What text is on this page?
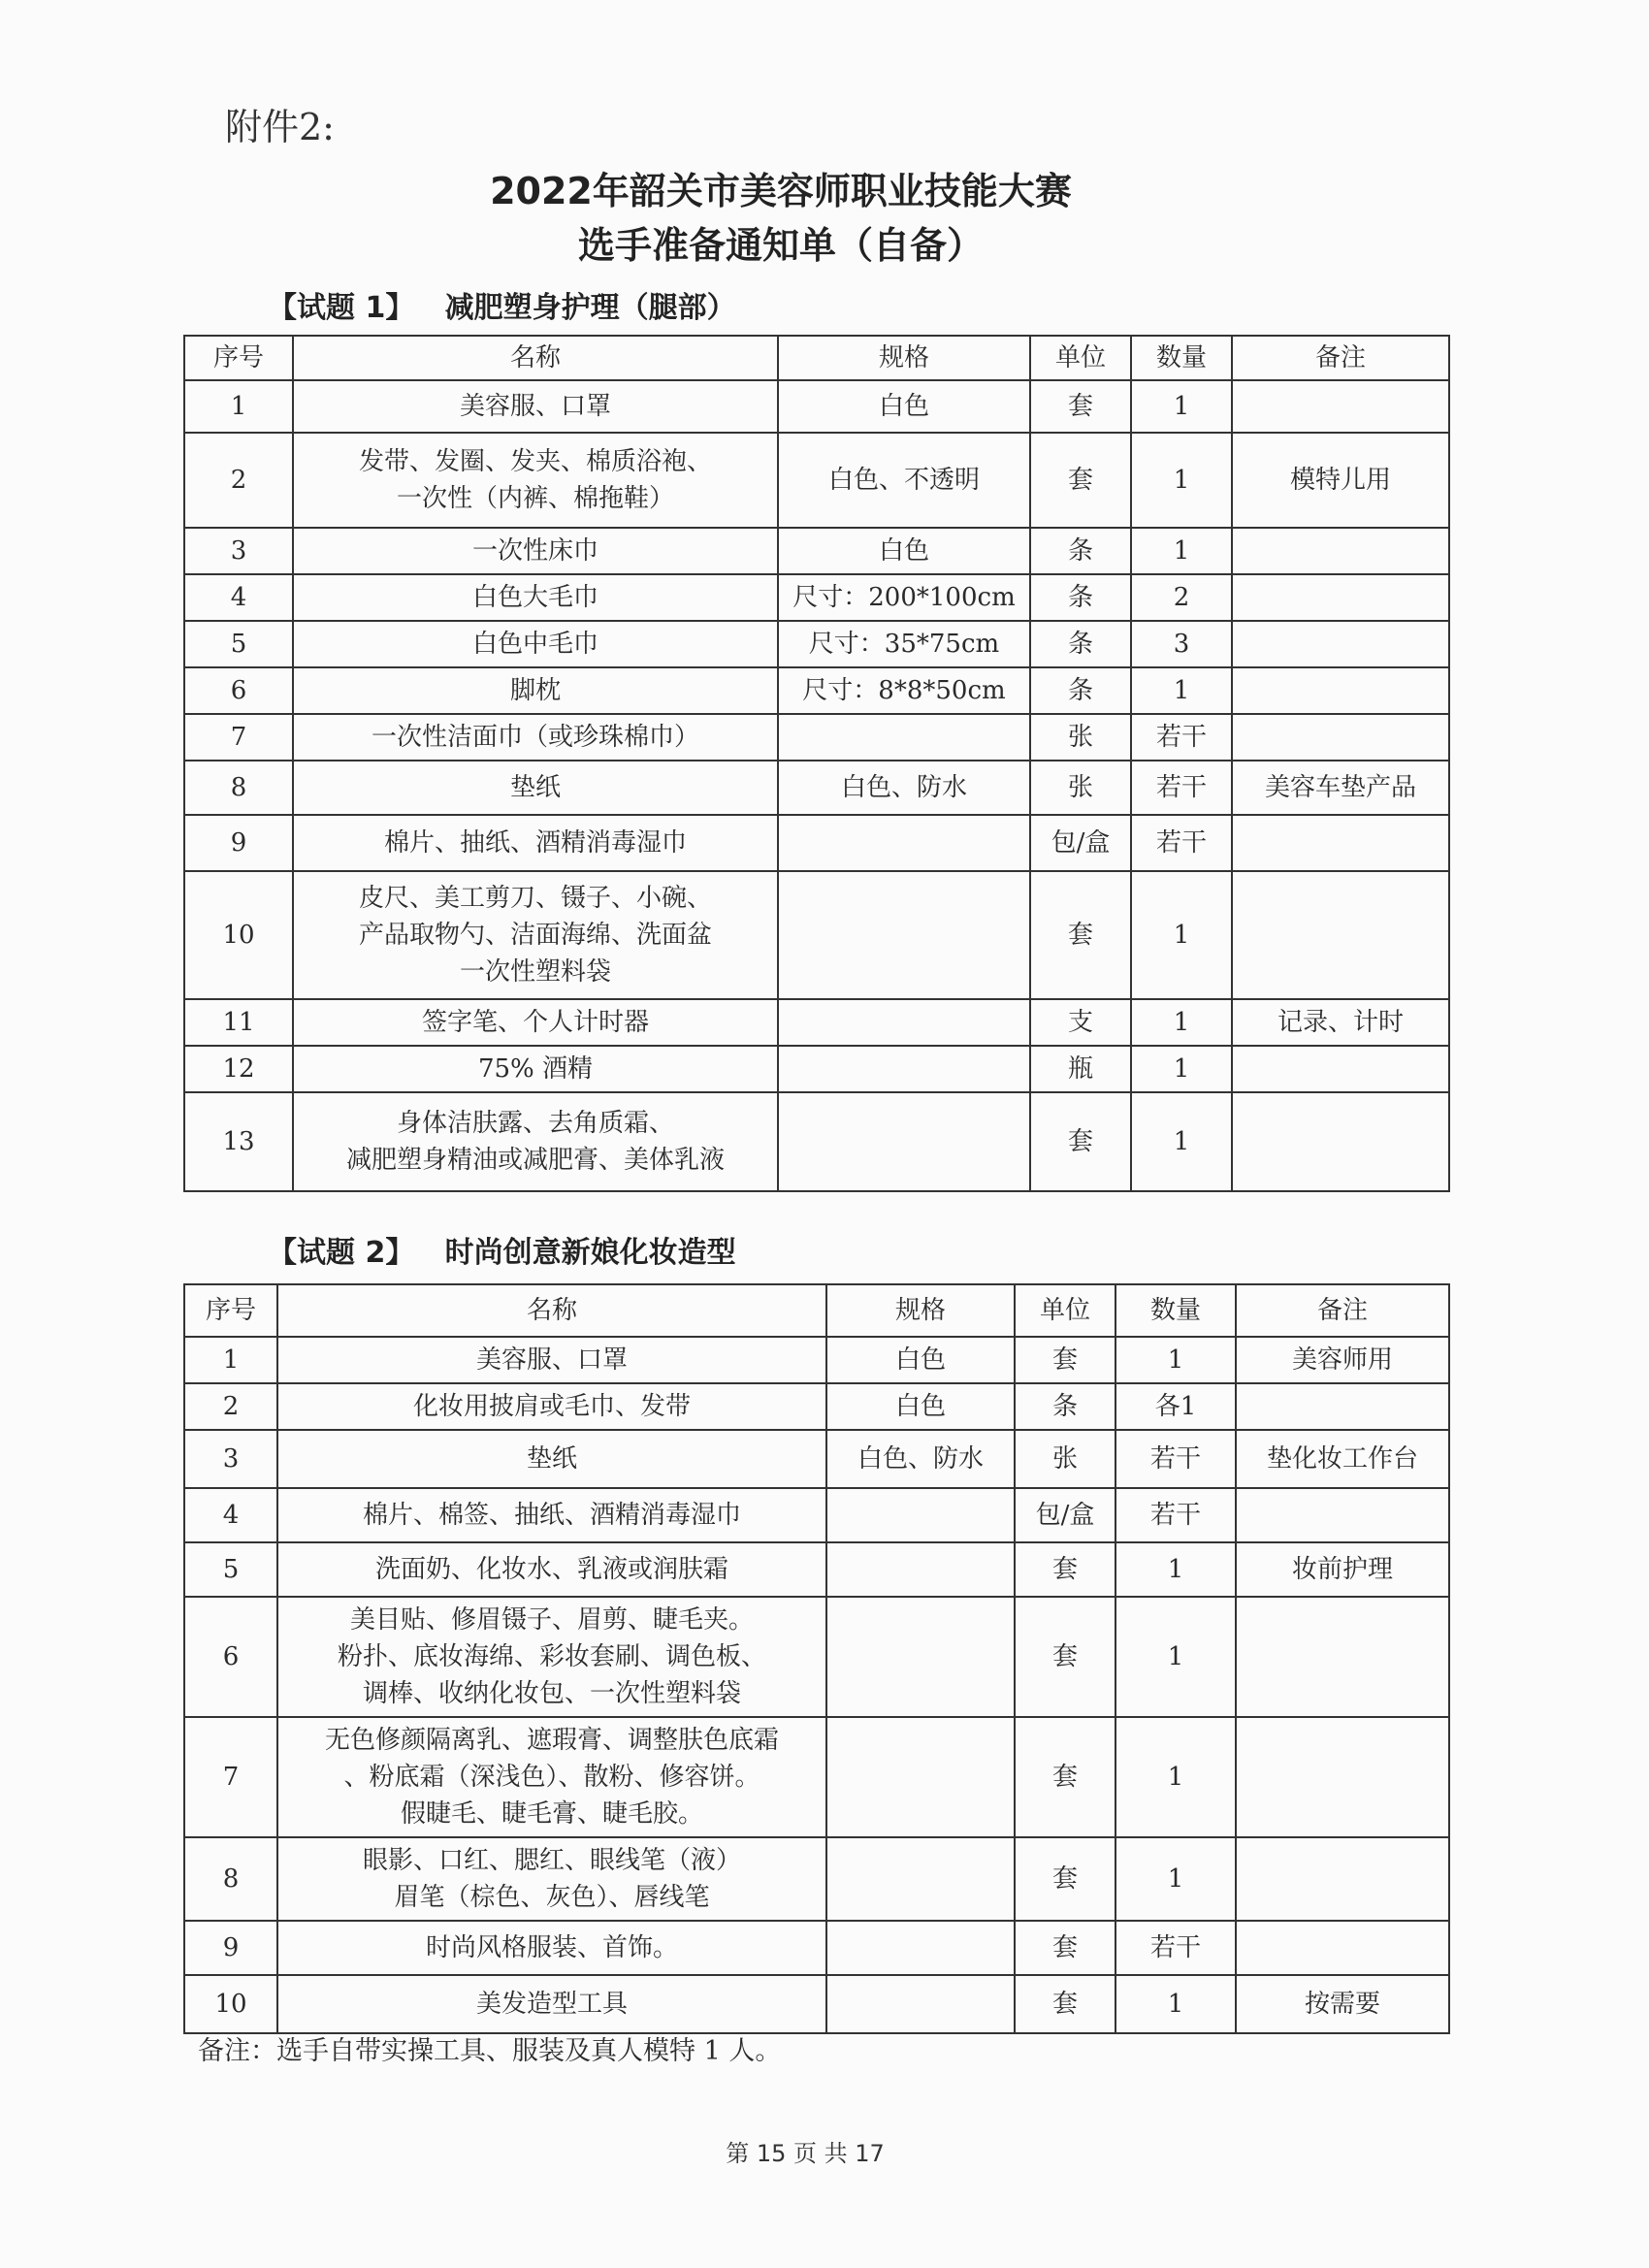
附件2:
2022年韶关市美容师职业技能大赛
选手准备通知单（自备）
【试题 1】   减肥塑身护理（腿部）
序号	名称	规格	单位	数量	备注
1	美容服、口罩	白色	套	1	
2	发带、发圈、发夹、棉质浴袍、
一次性（内裤、棉拖鞋）	白色、不透明	套	1	模特儿用
3	一次性床巾	白色	条	1	
4	白色大毛巾	尺寸：200*100cm	条	2	
5	白色中毛巾	尺寸：35*75cm	条	3	
6	脚枕	尺寸：8*8*50cm	条	1	
7	一次性洁面巾（或珍珠棉巾）		张	若干	
8	垫纸	白色、防水	张	若干	美容车垫产品
9	棉片、抽纸、酒精消毒湿巾		包/盒	若干	
10	皮尺、美工剪刀、镊子、小碗、
产品取物勺、洁面海绵、洗面盆
一次性塑料袋		套	1	
11	签字笔、个人计时器		支	1	记录、计时
12	75% 酒精		瓶	1	
13	身体洁肤露、去角质霜、
减肥塑身精油或减肥膏、美体乳液		套	1	
【试题 2】   时尚创意新娘化妆造型
序号	名称	规格	单位	数量	备注
1	美容服、口罩	白色	套	1	美容师用
2	化妆用披肩或毛巾、发带	白色	条	各1	
3	垫纸	白色、防水	张	若干	垫化妆工作台
4	棉片、棉签、抽纸、酒精消毒湿巾		包/盒	若干	
5	洗面奶、化妆水、乳液或润肤霜		套	1	妆前护理
6	美目贴、修眉镊子、眉剪、睫毛夹。
粉扑、底妆海绵、彩妆套刷、调色板、
调棒、收纳化妆包、一次性塑料袋		套	1	
7	无色修颜隔离乳、遮瑕膏、调整肤色底霜
、粉底霜（深浅色）、散粉、修容饼。
假睫毛、睫毛膏、睫毛胶。		套	1	
8	眼影、口红、腮红、眼线笔（液）
眉笔（棕色、灰色）、唇线笔		套	1	
9	时尚风格服装、首饰。		套	若干	
10	美发造型工具		套	1	按需要
备注：选手自带实操工具、服装及真人模特 1 人。
第 15 页 共 17
